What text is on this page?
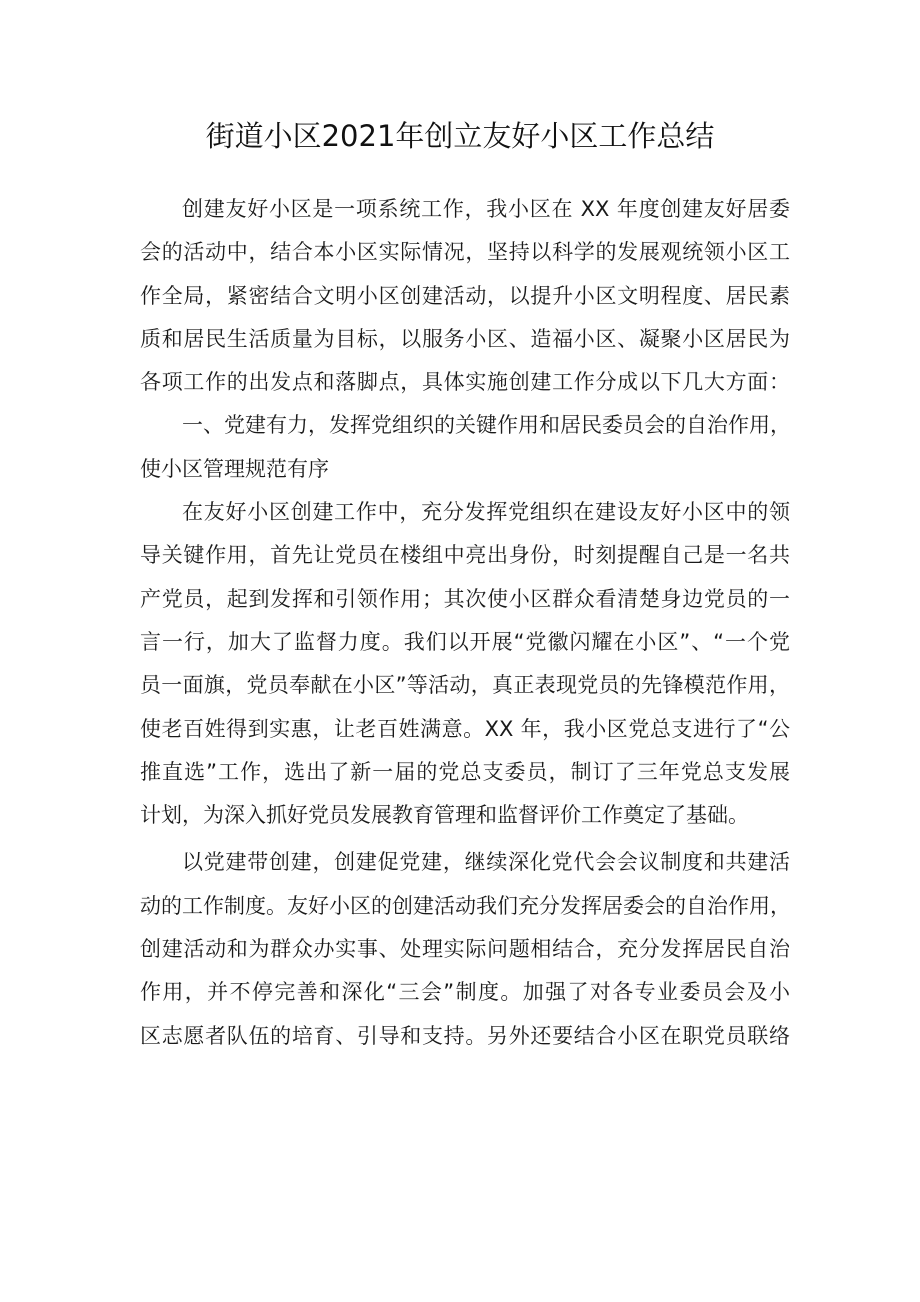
街道小区2021年创立友好小区工作总结
创建友好小区是一项系统工作，我小区在 XX 年度创建友好居委
会的活动中，结合本小区实际情况，坚持以科学的发展观统领小区工
作全局，紧密结合文明小区创建活动，以提升小区文明程度、居民素
质和居民生活质量为目标，以服务小区、造福小区、凝聚小区居民为
各项工作的出发点和落脚点，具体实施创建工作分成以下几大方面：
一、党建有力，发挥党组织的关键作用和居民委员会的自治作用，
使小区管理规范有序
在友好小区创建工作中，充分发挥党组织在建设友好小区中的领
导关键作用，首先让党员在楼组中亮出身份，时刻提醒自己是一名共
产党员，起到发挥和引领作用；其次使小区群众看清楚身边党员的一
言一行，加大了监督力度。我们以开展“党徽闪耀在小区”、“一个党
员一面旗，党员奉献在小区”等活动，真正表现党员的先锋模范作用，
使老百姓得到实惠，让老百姓满意。XX 年，我小区党总支进行了“公
推直选”工作，选出了新一届的党总支委员，制订了三年党总支发展
计划，为深入抓好党员发展教育管理和监督评价工作奠定了基础。
以党建带创建，创建促党建，继续深化党代会会议制度和共建活
动的工作制度。友好小区的创建活动我们充分发挥居委会的自治作用，
创建活动和为群众办实事、处理实际问题相结合，充分发挥居民自治
作用，并不停完善和深化“三会”制度。加强了对各专业委员会及小
区志愿者队伍的培育、引导和支持。另外还要结合小区在职党员联络
